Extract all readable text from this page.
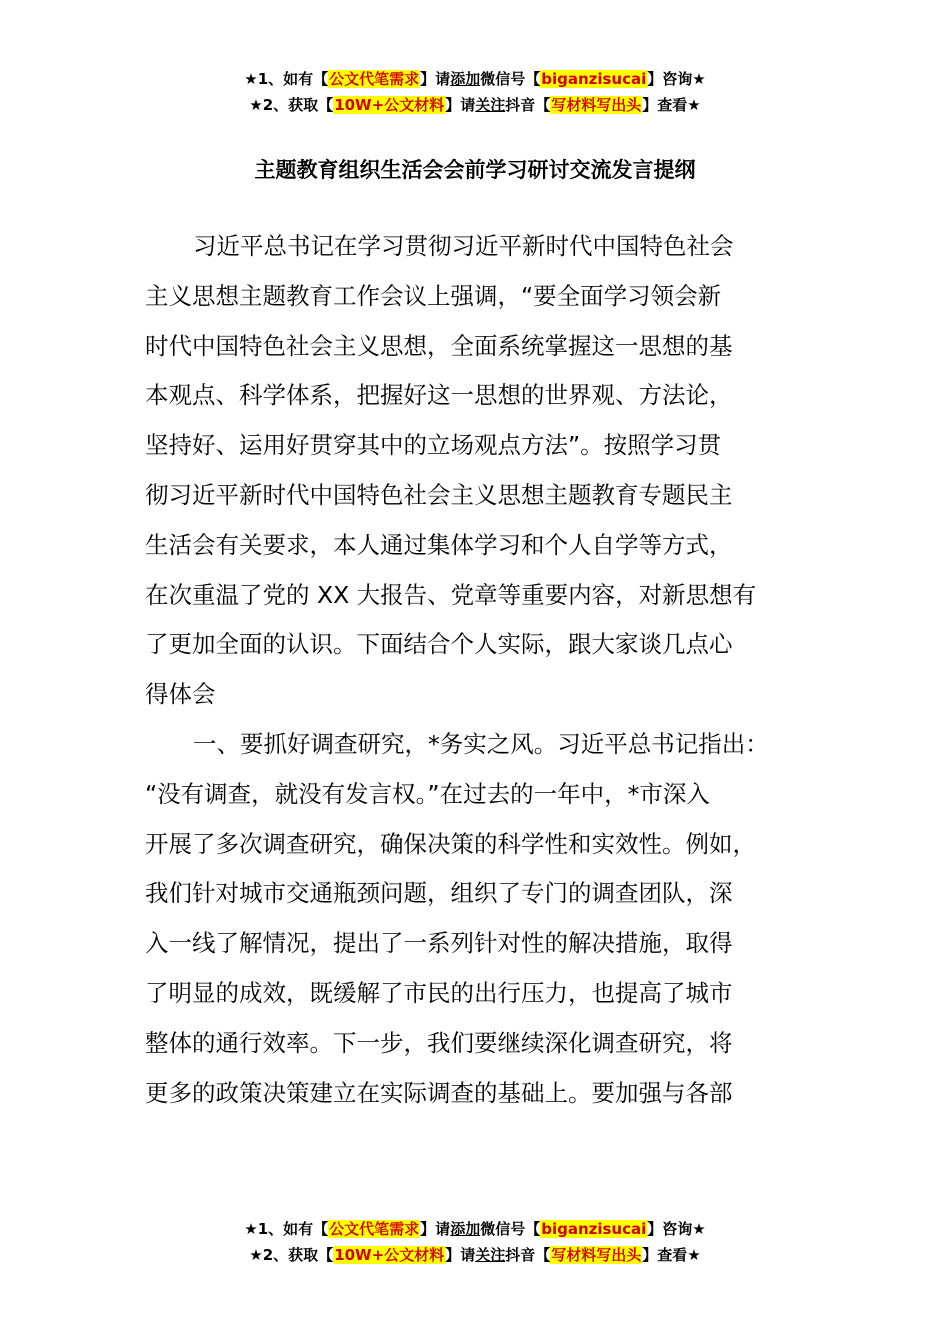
★1、如有【公文代笔需求】请添加微信号【biganzisucai】咨询★
★2、获取【10W+公文材料】请关注抖音【写材料写出头】查看★
主题教育组织生活会会前学习研讨交流发言提纲
习近平总书记在学习贯彻习近平新时代中国特色社会
主义思想主题教育工作会议上强调，“要全面学习领会新
时代中国特色社会主义思想，全面系统掌握这一思想的基
本观点、科学体系，把握好这一思想的世界观、方法论，
坚持好、运用好贯穿其中的立场观点方法”。按照学习贯
彻习近平新时代中国特色社会主义思想主题教育专题民主
生活会有关要求，本人通过集体学习和个人自学等方式，
在次重温了党的 XX 大报告、党章等重要内容，对新思想有
了更加全面的认识。下面结合个人实际，跟大家谈几点心
得体会
一、要抓好调查研究，*务实之风。习近平总书记指出：
“没有调查，就没有发言权。”在过去的一年中，*市深入
开展了多次调查研究，确保决策的科学性和实效性。例如，
我们针对城市交通瓶颈问题，组织了专门的调查团队，深
入一线了解情况，提出了一系列针对性的解决措施，取得
了明显的成效，既缓解了市民的出行压力，也提高了城市
整体的通行效率。下一步，我们要继续深化调查研究，将
更多的政策决策建立在实际调查的基础上。要加强与各部
★1、如有【公文代笔需求】请添加微信号【biganzisucai】咨询★
★2、获取【10W+公文材料】请关注抖音【写材料写出头】查看★
